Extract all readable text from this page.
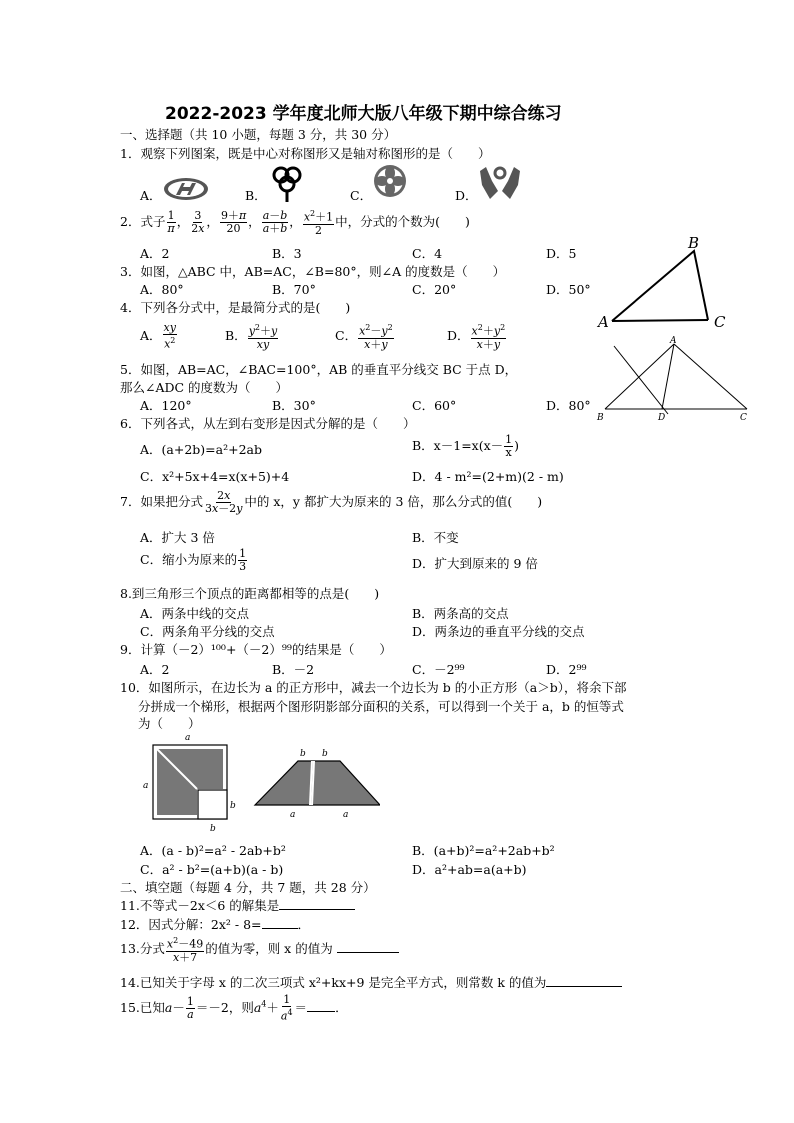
2022-2023 学年度北师大版八年级下期中综合练习
一、选择题（共 10 小题，每题 3 分，共 30 分）
1．观察下列图案，既是中心对称图形又是轴对称图形的是（　　）
A．	B．	C．	D．
2．式子 $\frac{1}{\pi}$ ， $\frac{3}{2x}$ ， $\frac{9+\pi}{20}$ ， $\frac{a-b}{a+b}$ ， $\frac{x^2+1}{2}$ 中，分式的个数为(　　)
A．2	B．3	C．4	D．5
3．如图，△ABC 中，AB=AC，∠B=80°，则∠A 的度数是（　　）
A．80°	B．70°	C．20°	D．50°
A
B
C
4．下列各分式中，是最简分式的是(　　)
A． $\frac{xy}{x^2}$	B． $\frac{y^2+y}{xy}$	C． $\frac{x^2-y^2}{x+y}$	D． $\frac{x^2+y^2}{x+y}$
5．如图，AB=AC，∠BAC=100°，AB 的垂直平分线交 BC 于点 D，
那么∠ADC 的度数为（　　）
A．120°	B．30°	C．60°	D．80°
A
B	D	C
6．下列各式，从左到右变形是因式分解的是（　　）
A．(a+2b)=a²+2ab	B．$x-1=x(x- \frac{1}{x}$ )
C．x²+5x+4=x(x+5)+4	D．4 - m²=(2+m)(2 - m)
7．如果把分式 $\frac{2x}{3x-2y}$ 中的 x，y 都扩大为原来的 3 倍，那么分式的值(　　)
A．扩大 3 倍	B．不变
C．缩小为原来的 $\frac{1}{3}$	D．扩大到原来的 9 倍
8.到三角形三个顶点的距离都相等的点是(　　)
A．两条中线的交点	B．两条高的交点
C．两条角平分线的交点	D．两条边的垂直平分线的交点
9．计算（－2）¹⁰⁰+（－2）⁹⁹的结果是（　　）
A．2	B．－2	C．－2⁹⁹	D．2⁹⁹
10．如图所示，在边长为 a 的正方形中，减去一个边长为 b 的小正方形（a＞b），将余下部
分拼成一个梯形，根据两个图形阴影部分面积的关系，可以得到一个关于 a，b 的恒等式
为（　　）
a
a
b
b
b b
a	a
A．(a - b)²=a² - 2ab+b²	B．(a+b)²=a²+2ab+b²
C．a² - b²=(a+b)(a - b)	D．a²+ab=a(a+b)
二、填空题（每题 4 分，共 7 题，共 28 分）
11.不等式－2x＜6 的解集是
12．因式分解：2x² - 8=	．
13.分式 $\frac{x^2-49}{x+7}$ 的值为零，则 x 的值为
14.已知关于字母 x 的二次三项式 x²+kx+9 是完全平方式，则常数 k 的值为
15.已知$a- \frac{1}{a} =-2$，则$a^4+ \frac{1}{a^4}$ ＝ ．
